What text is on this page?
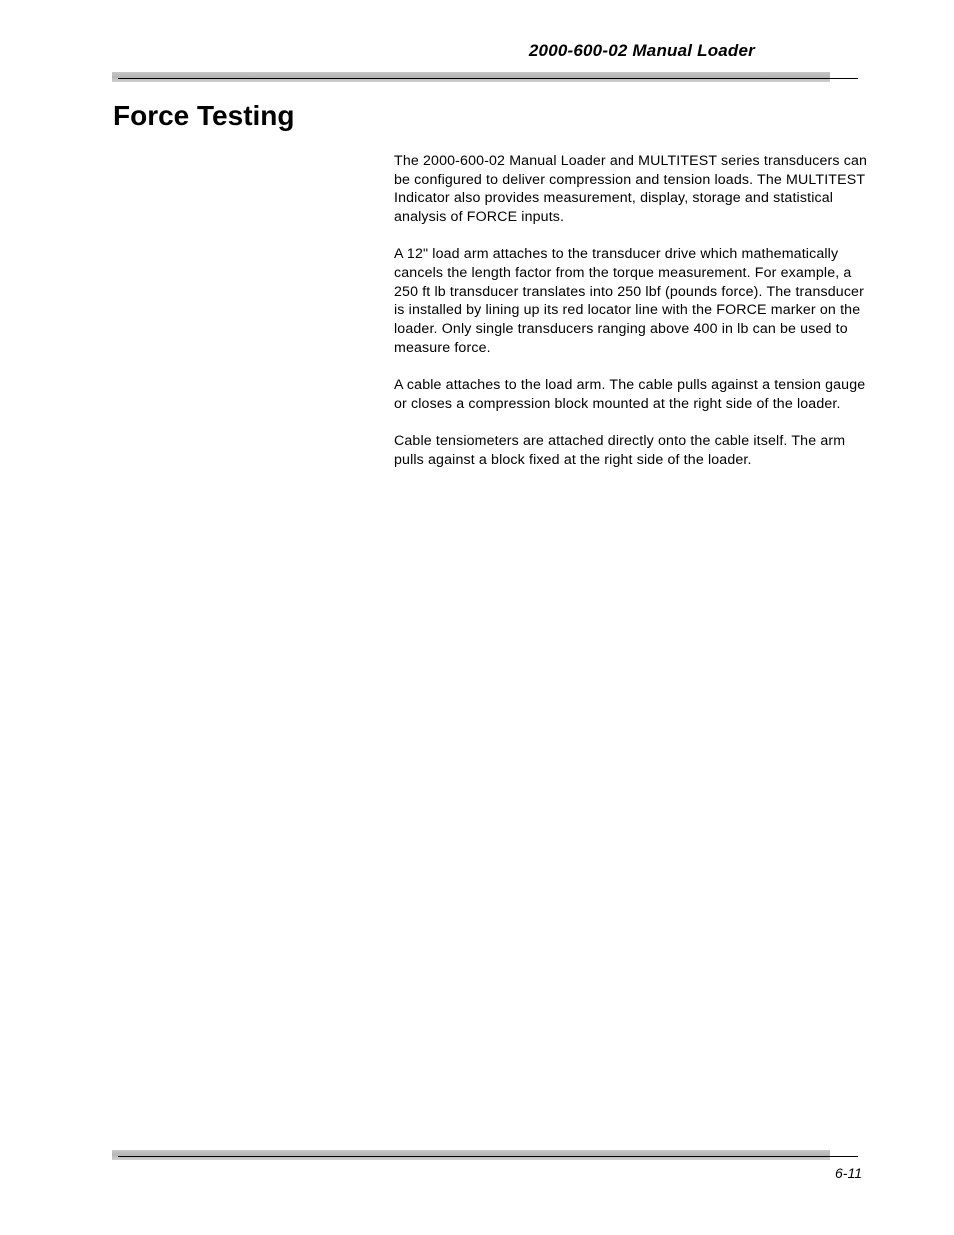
2000-600-02 Manual Loader
Force Testing

The 2000-600-02 Manual Loader and MULTITEST series transducers can be configured to deliver compression and tension loads. The MULTITEST Indicator also provides measurement, display, storage and statistical analysis of FORCE inputs.

A 12" load arm attaches to the transducer drive which mathematically cancels the length factor from the torque measurement. For example, a 250 ft lb transducer translates into 250 lbf (pounds force). The transducer is installed by lining up its red locator line with the FORCE marker on the loader. Only single transducers ranging above 400 in lb can be used to measure force.

A cable attaches to the load arm. The cable pulls against a tension gauge or closes a compression block mounted at the right side of the loader.

Cable tensiometers are attached directly onto the cable itself. The arm pulls against a block fixed at the right side of the loader.

6-11
